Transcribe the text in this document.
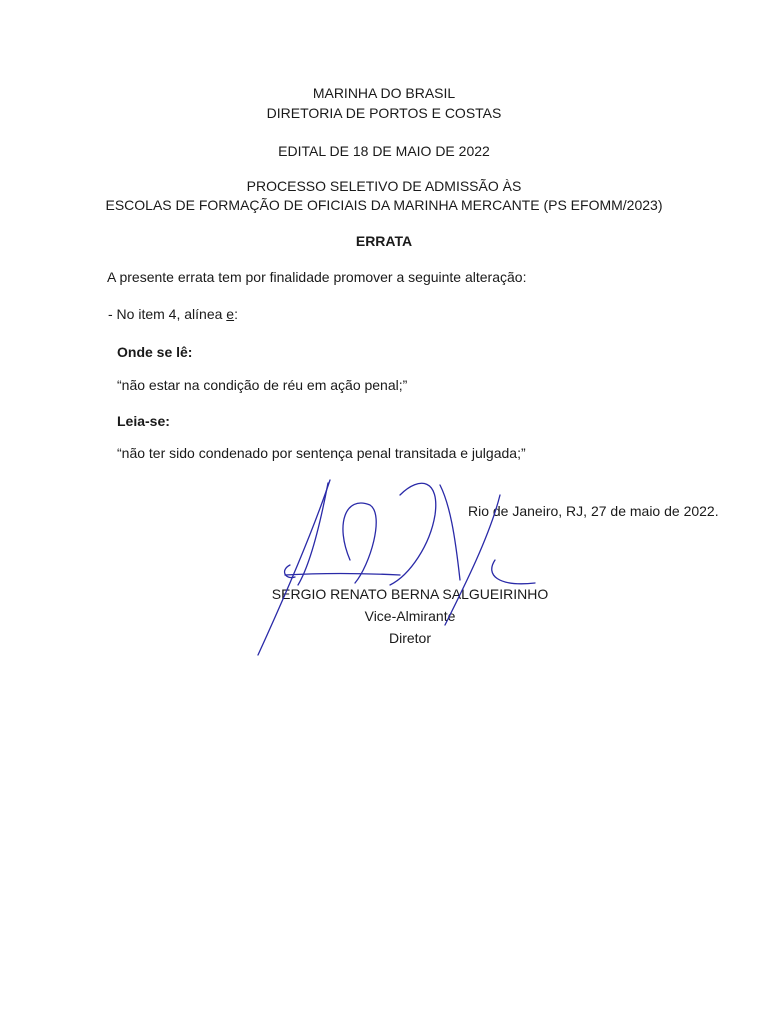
MARINHA DO BRASIL
DIRETORIA DE PORTOS E COSTAS
EDITAL DE 18 DE MAIO DE 2022
PROCESSO SELETIVO DE ADMISSÃO ÀS
ESCOLAS DE FORMAÇÃO DE OFICIAIS DA MARINHA MERCANTE (PS EFOMM/2023)
ERRATA
A presente errata tem por finalidade promover a seguinte alteração:
- No item 4, alínea e:
Onde se lê:
“não estar na condição de réu em ação penal;”
Leia-se:
“não ter sido condenado por sentença penal transitada e julgada;”
Rio de Janeiro, RJ, 27 de maio de 2022.
SERGIO RENATO BERNA SALGUEIRINHO
Vice-Almirante
Diretor
